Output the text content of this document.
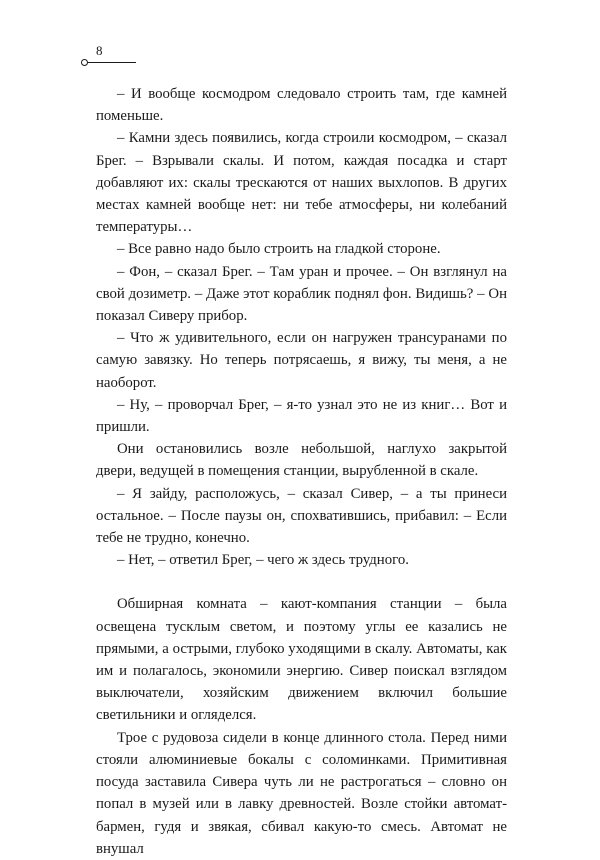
8

– И вообще космодром следовало строить там, где камней поменьше.

– Камни здесь появились, когда строили космодром, – сказал Брег. – Взрывали скалы. И потом, каждая посадка и старт добавляют их: скалы трескаются от наших выхлопов. В других местах камней вообще нет: ни тебе атмосферы, ни колебаний температуры…

– Все равно надо было строить на гладкой стороне.

– Фон, – сказал Брег. – Там уран и прочее. – Он взглянул на свой дозиметр. – Даже этот кораблик поднял фон. Видишь? – Он показал Сиверу прибор.

– Что ж удивительного, если он нагружен трансуранами по самую завязку. Но теперь потрясаешь, я вижу, ты меня, а не наоборот.

– Ну, – проворчал Брег, – я-то узнал это не из книг… Вот и пришли.

Они остановились возле небольшой, наглухо закрытой двери, ведущей в помещения станции, вырубленной в скале.

– Я зайду, расположусь, – сказал Сивер, – а ты принеси остальное. – После паузы он, спохватившись, прибавил: – Если тебе не трудно, конечно.

– Нет, – ответил Брег, – чего ж здесь трудного.

Обширная комната – кают-компания станции – была освещена тусклым светом, и поэтому углы ее казались не прямыми, а острыми, глубоко уходящими в скалу. Автоматы, как им и полагалось, экономили энергию. Сивер поискал взглядом выключатели, хозяйским движением включил большие светильники и огляделся.

Трое с рудовоза сидели в конце длинного стола. Перед ними стояли алюминиевые бокалы с соломинками. Примитивная посуда заставила Сивера чуть ли не растрогаться – словно он попал в музей или в лавку древностей. Возле стойки автомат-бармен, гудя и звякая, сбивал какую-то смесь. Автомат не внушал
